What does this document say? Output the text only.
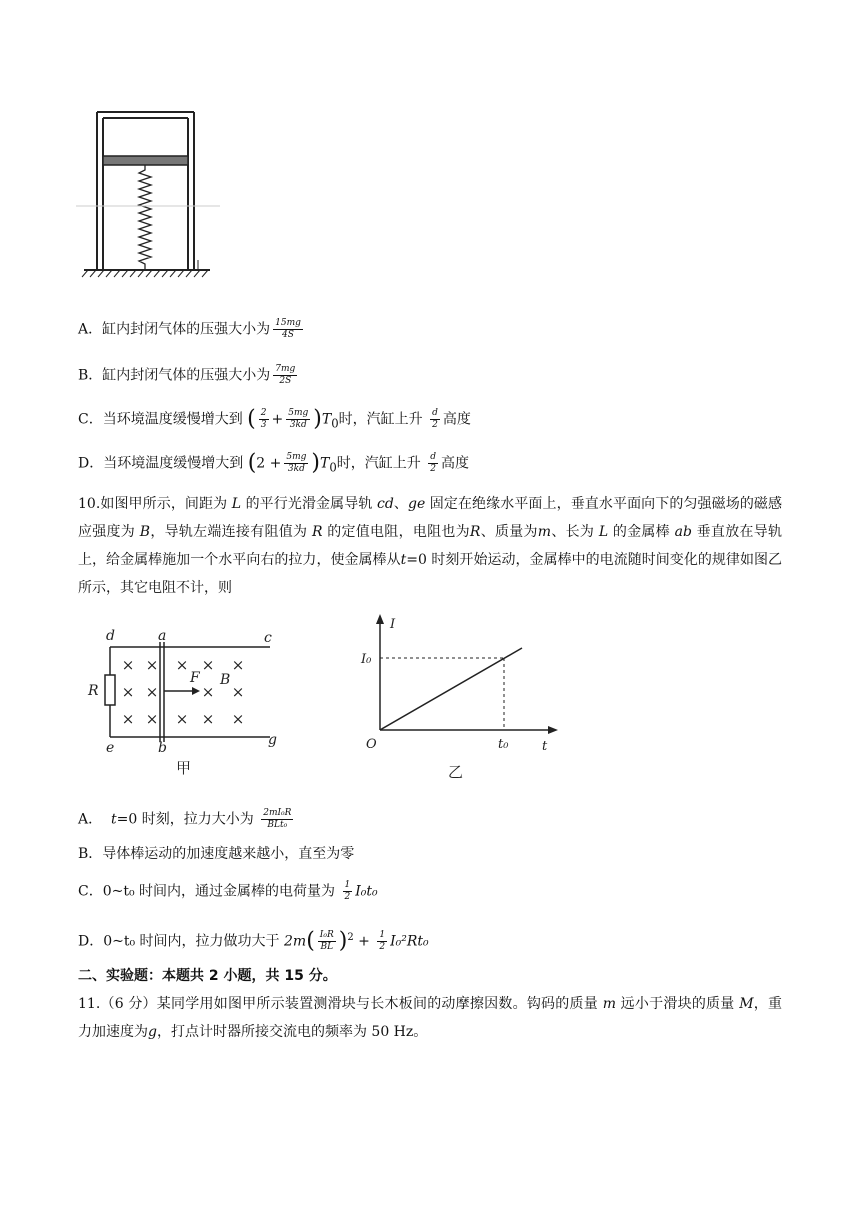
A．缸内封闭气体的压强大小为 $\frac{15mg}{4S}$
B．缸内封闭气体的压强大小为 $\frac{7mg}{2S}$
C．当环境温度缓慢增大到 ( $\frac{2}{3} + \frac{5mg}{3kd} )T_0$时，汽缸上升 $\frac{d}{2}$ 高度
D．当环境温度缓慢增大到 $(2 + \frac{5mg}{3kd} )T_0$时，汽缸上升 $\frac{d}{2}$ 高度
10.如图甲所示，间距为 L 的平行光滑金属导轨 cd、ge 固定在绝缘水平面上，垂直水平面向下的匀强磁场的磁感应强度为 B，导轨左端连接有阻值为 R 的定值电阻，电阻也为R、质量为m、长为 L 的金属棒 ab 垂直放在导轨上，给金属棒施加一个水平向右的拉力，使金属棒从t=0 时刻开始运动，金属棒中的电流随时间变化的规律如图乙所示，其它电阻不计，则
× × × × ×
× ×	× ×
× × × × ×
d	a	c
e	b	g
R
F B
甲
I
I₀
O	t₀	t
乙
A． t=0 时刻，拉力大小为 $\frac{\text{2mI₀R}}{\text{BLt₀}}$
B．导体棒运动的加速度越来越小，直至为零
C．0~t₀ 时间内，通过金属棒的电荷量为 $\frac{1}{2} I_0t_0$
D．0~t₀ 时间内，拉力做功大于 $2m( \frac{\text{I₀R}}{BL} )^2 + \frac{1}{2} I_0^2Rt_0$
二、实验题：本题共 2 小题，共 15 分。
11.（6 分）某同学用如图甲所示装置测滑块与长木板间的动摩擦因数。钩码的质量 m 远小于滑块的质量 M，重力加速度为g，打点计时器所接交流电的频率为 50 Hz。
